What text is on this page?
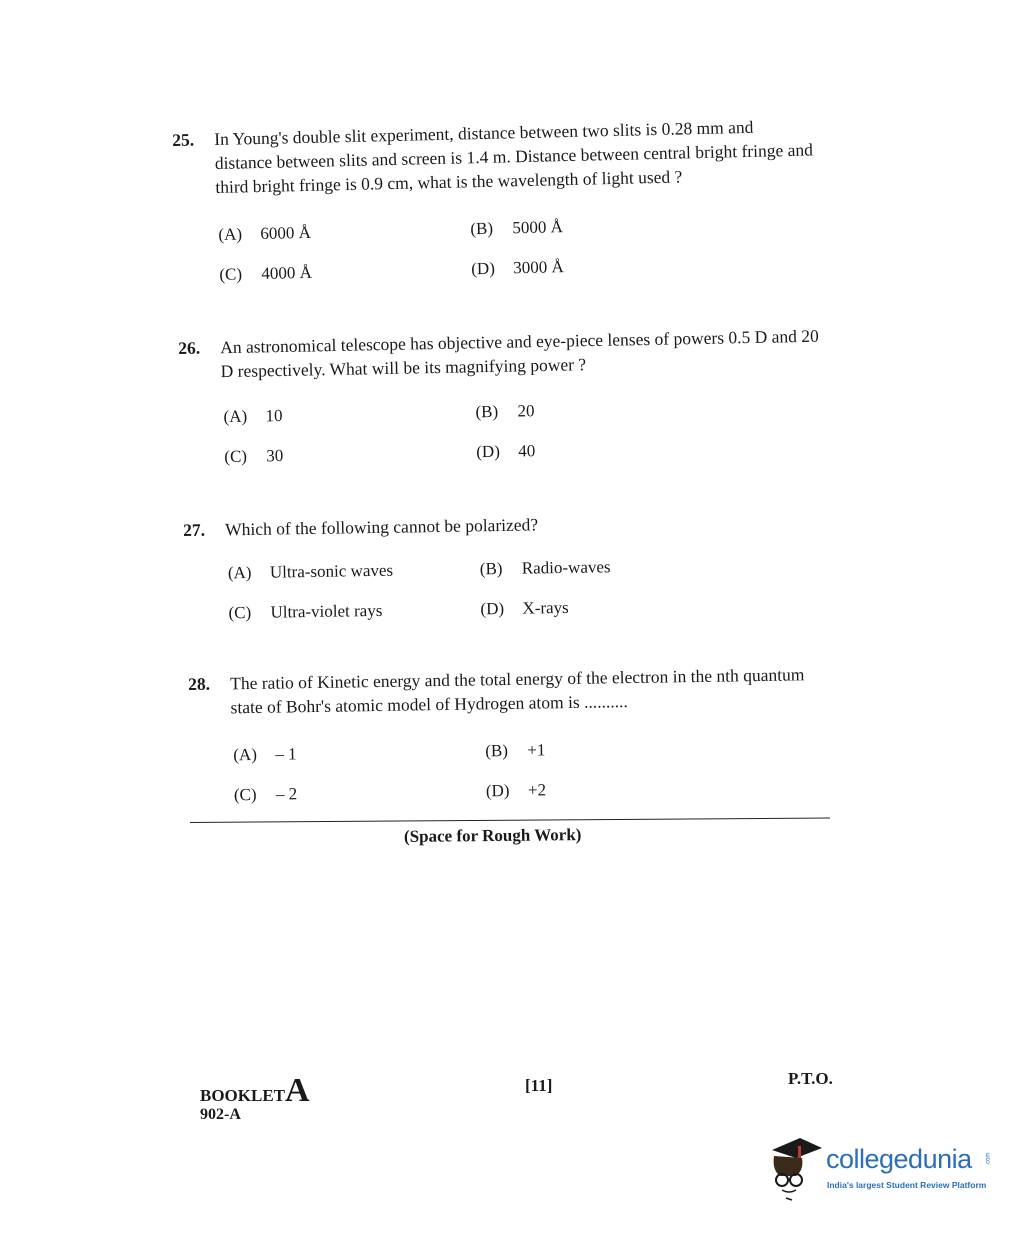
25. In Young's double slit experiment, distance between two slits is 0.28 mm and distance between slits and screen is 1.4 m. Distance between central bright fringe and third bright fringe is 0.9 cm, what is the wavelength of light used ?
(A) 6000 Å	(B) 5000 Å
(C) 4000 Å	(D) 3000 Å
26. An astronomical telescope has objective and eye-piece lenses of powers 0.5 D and 20 D respectively. What will be its magnifying power ?
(A) 10	(B) 20
(C) 30	(D) 40
27. Which of the following cannot be polarized?
(A) Ultra-sonic waves	(B) Radio-waves
(C) Ultra-violet rays	(D) X-rays
28. The ratio of Kinetic energy and the total energy of the electron in the nth quantum state of Bohr's atomic model of Hydrogen atom is ..........
(A) – 1	(B) +1
(C) – 2	(D) +2
(Space for Rough Work)
BOOKLETA
902-A
[11]	P.T.O.
collegedunia .com
India's largest Student Review Platform
